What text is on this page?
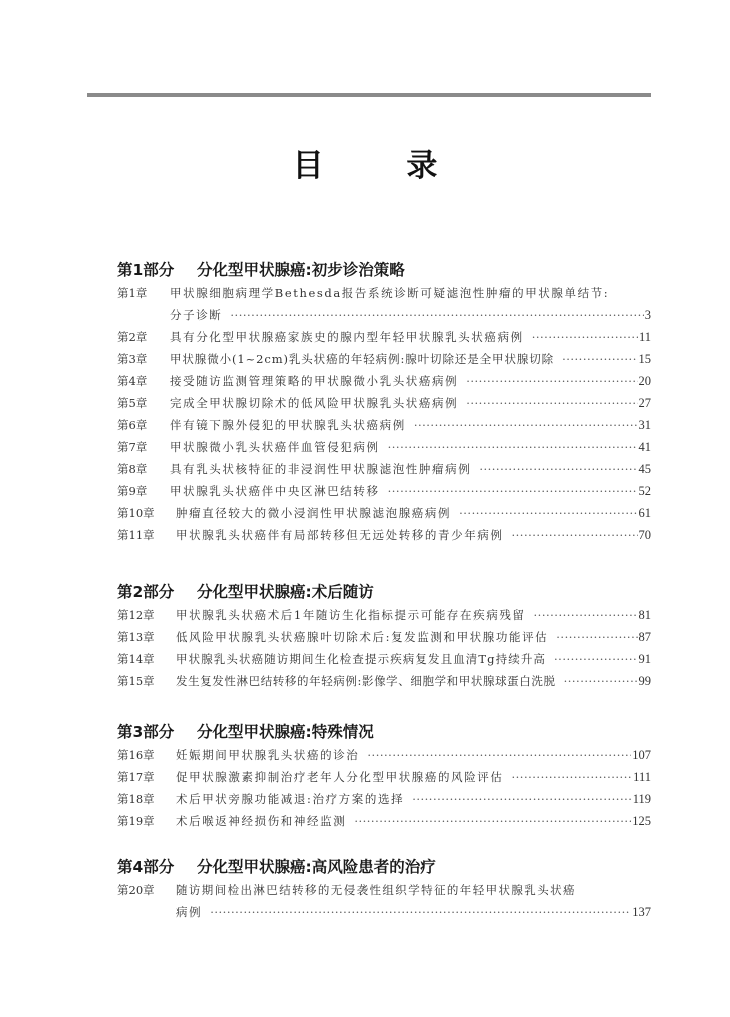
目 录
第1部分 分化型甲状腺癌:初步诊治策略
第1章	甲状腺细胞病理学Bethesda报告系统诊断可疑滤泡性肿瘤的甲状腺单结节:
分子诊断 ·····	3
第2章	具有分化型甲状腺癌家族史的腺内型年轻甲状腺乳头状癌病例 ·····	11
第3章	甲状腺微小(1~2cm)乳头状癌的年轻病例:腺叶切除还是全甲状腺切除 ·····	15
第4章	接受随访监测管理策略的甲状腺微小乳头状癌病例 ·····	20
第5章	完成全甲状腺切除术的低风险甲状腺乳头状癌病例 ·····	27
第6章	伴有镜下腺外侵犯的甲状腺乳头状癌病例 ·····	31
第7章	甲状腺微小乳头状癌伴血管侵犯病例 ·····	41
第8章	具有乳头状核特征的非浸润性甲状腺滤泡性肿瘤病例 ·····	45
第9章	甲状腺乳头状癌伴中央区淋巴结转移 ·····	52
第10章	肿瘤直径较大的微小浸润性甲状腺滤泡腺癌病例 ·····	61
第11章	甲状腺乳头状癌伴有局部转移但无远处转移的青少年病例 ·····	70
第2部分 分化型甲状腺癌:术后随访
第12章	甲状腺乳头状癌术后1年随访生化指标提示可能存在疾病残留 ·····	81
第13章	低风险甲状腺乳头状癌腺叶切除术后:复发监测和甲状腺功能评估 ·····	87
第14章	甲状腺乳头状癌随访期间生化检查提示疾病复发且血清Tg持续升高 ·····	91
第15章	发生复发性淋巴结转移的年轻病例:影像学、细胞学和甲状腺球蛋白洗脱 ·····	99
第3部分 分化型甲状腺癌:特殊情况
第16章	妊娠期间甲状腺乳头状癌的诊治 ·····	107
第17章	促甲状腺激素抑制治疗老年人分化型甲状腺癌的风险评估 ·····	111
第18章	术后甲状旁腺功能减退:治疗方案的选择 ·····	119
第19章	术后喉返神经损伤和神经监测 ·····	125
第4部分 分化型甲状腺癌:高风险患者的治疗
第20章	随访期间检出淋巴结转移的无侵袭性组织学特征的年轻甲状腺乳头状癌
病例 ·····	137
